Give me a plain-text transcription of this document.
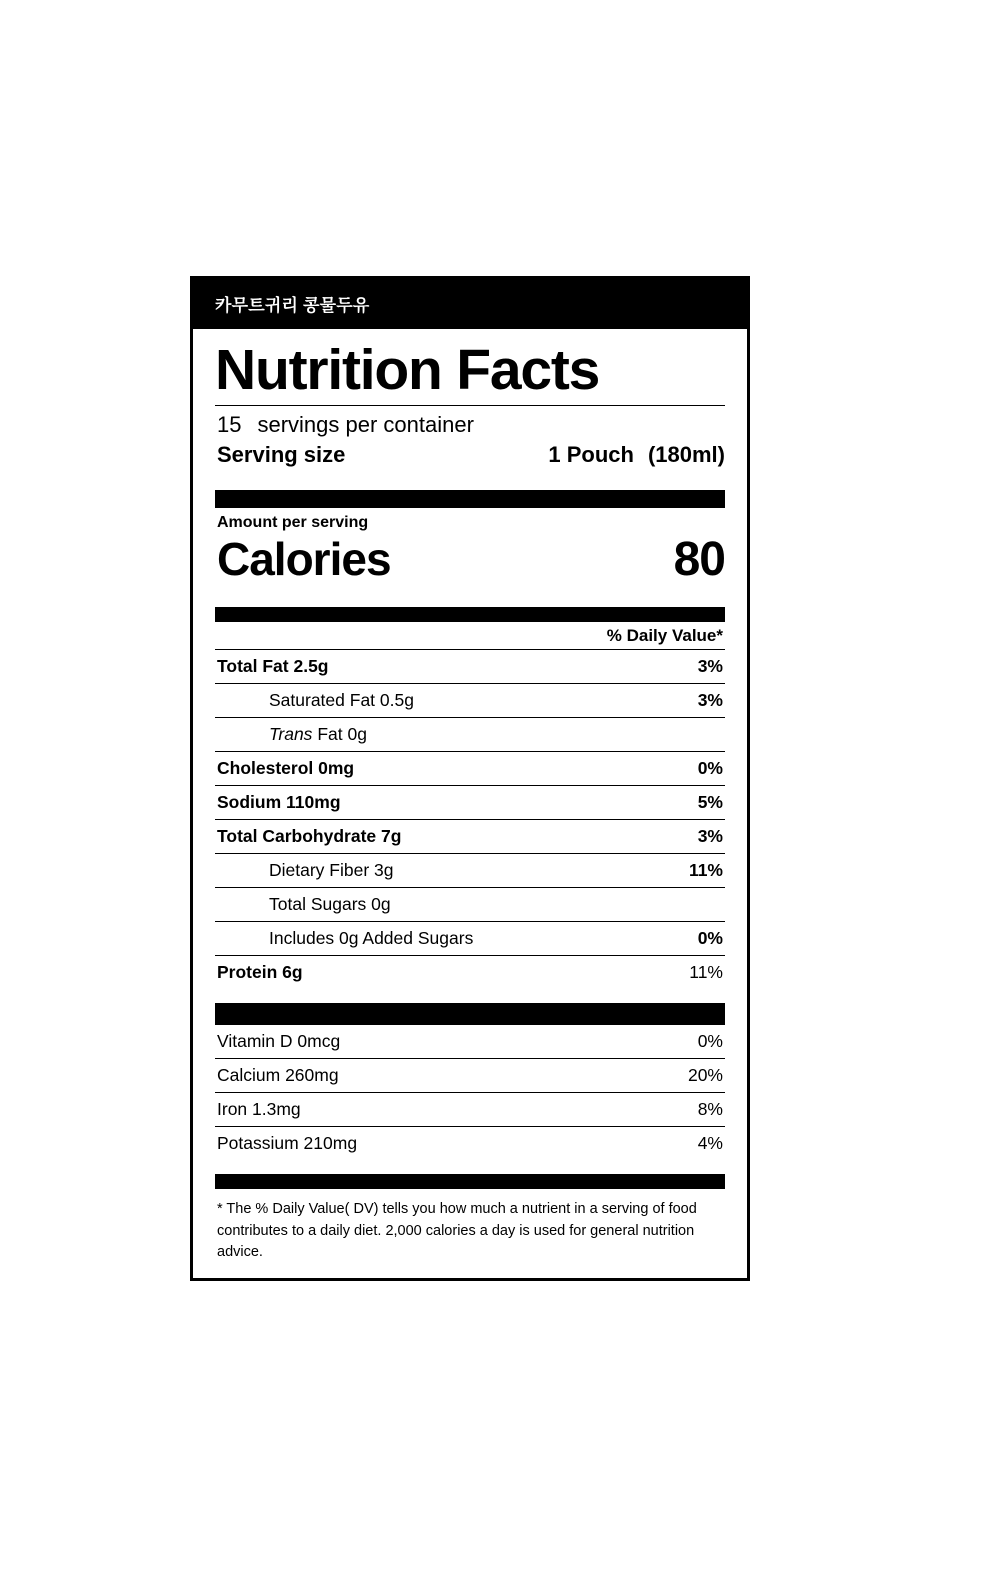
카무트귀리 콩물두유
Nutrition Facts
15 servings per container
Serving size	1 Pouch (180ml)
Amount per serving
Calories	80
% Daily Value*
Total Fat 2.5g	3%
Saturated Fat 0.5g	3%
Trans Fat 0g
Cholesterol 0mg	0%
Sodium 110mg	5%
Total Carbohydrate 7g	3%
Dietary Fiber 3g	11%
Total Sugars 0g
Includes 0g Added Sugars	0%
Protein 6g	11%
Vitamin D 0mcg	0%
Calcium 260mg	20%
Iron 1.3mg	8%
Potassium 210mg	4%
* The % Daily Value( DV) tells you how much a nutrient in a serving of food contributes to a daily diet. 2,000 calories a day is used for general nutrition advice.
